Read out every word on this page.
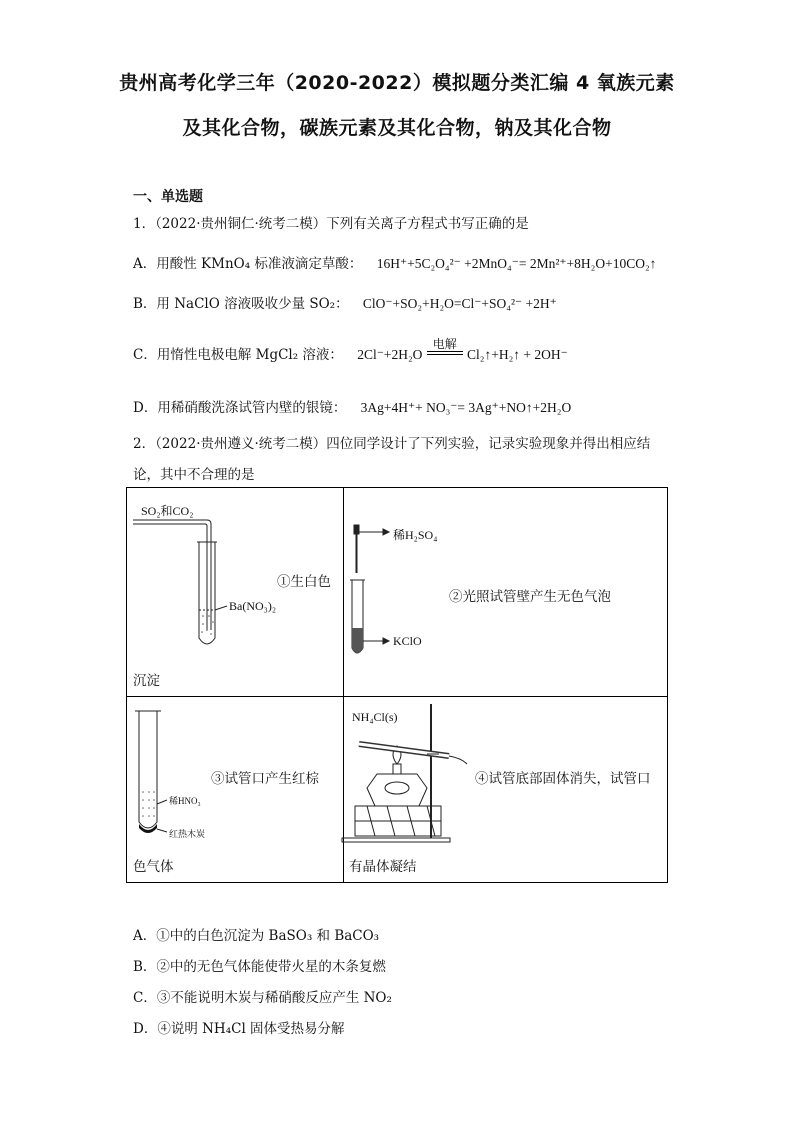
贵州高考化学三年（2020-2022）模拟题分类汇编 4 氧族元素
及其化合物，碳族元素及其化合物，钠及其化合物
一、单选题
1．（2022·贵州铜仁·统考二模）下列有关离子方程式书写正确的是
A．用酸性 KMnO₄ 标准液滴定草酸： 16H⁺+5C₂O₄²⁻ +2MnO₄⁻= 2Mn²⁺+8H₂O+10CO₂↑
B．用 NaClO 溶液吸收少量 SO₂： ClO⁻+SO₂+H₂O=Cl⁻+SO₄²⁻ +2H⁺
C．用惰性电极电解 MgCl₂ 溶液： 2Cl⁻+2H₂O
电解
Cl₂↑+H₂↑ + 2OH⁻
D．用稀硝酸洗涤试管内壁的银镜： 3Ag+4H⁺+ NO₃⁻= 3Ag⁺+NO↑+2H₂O
2．（2022·贵州遵义·统考二模）四位同学设计了下列实验，记录实验现象并得出相应结
论，其中不合理的是
SO₂和CO₂
Ba(NO₃)₂
①生白色
沉淀
稀H₂SO₄
KClO
②光照试管壁产生无色气泡
稀HNO₃
红热木炭
③试管口产生红棕
色气体
NH₄Cl(s)
④试管底部固体消失，试管口
有晶体凝结
A．①中的白色沉淀为 BaSO₃ 和 BaCO₃
B．②中的无色气体能使带火星的木条复燃
C．③不能说明木炭与稀硝酸反应产生 NO₂
D．④说明 NH₄Cl 固体受热易分解
